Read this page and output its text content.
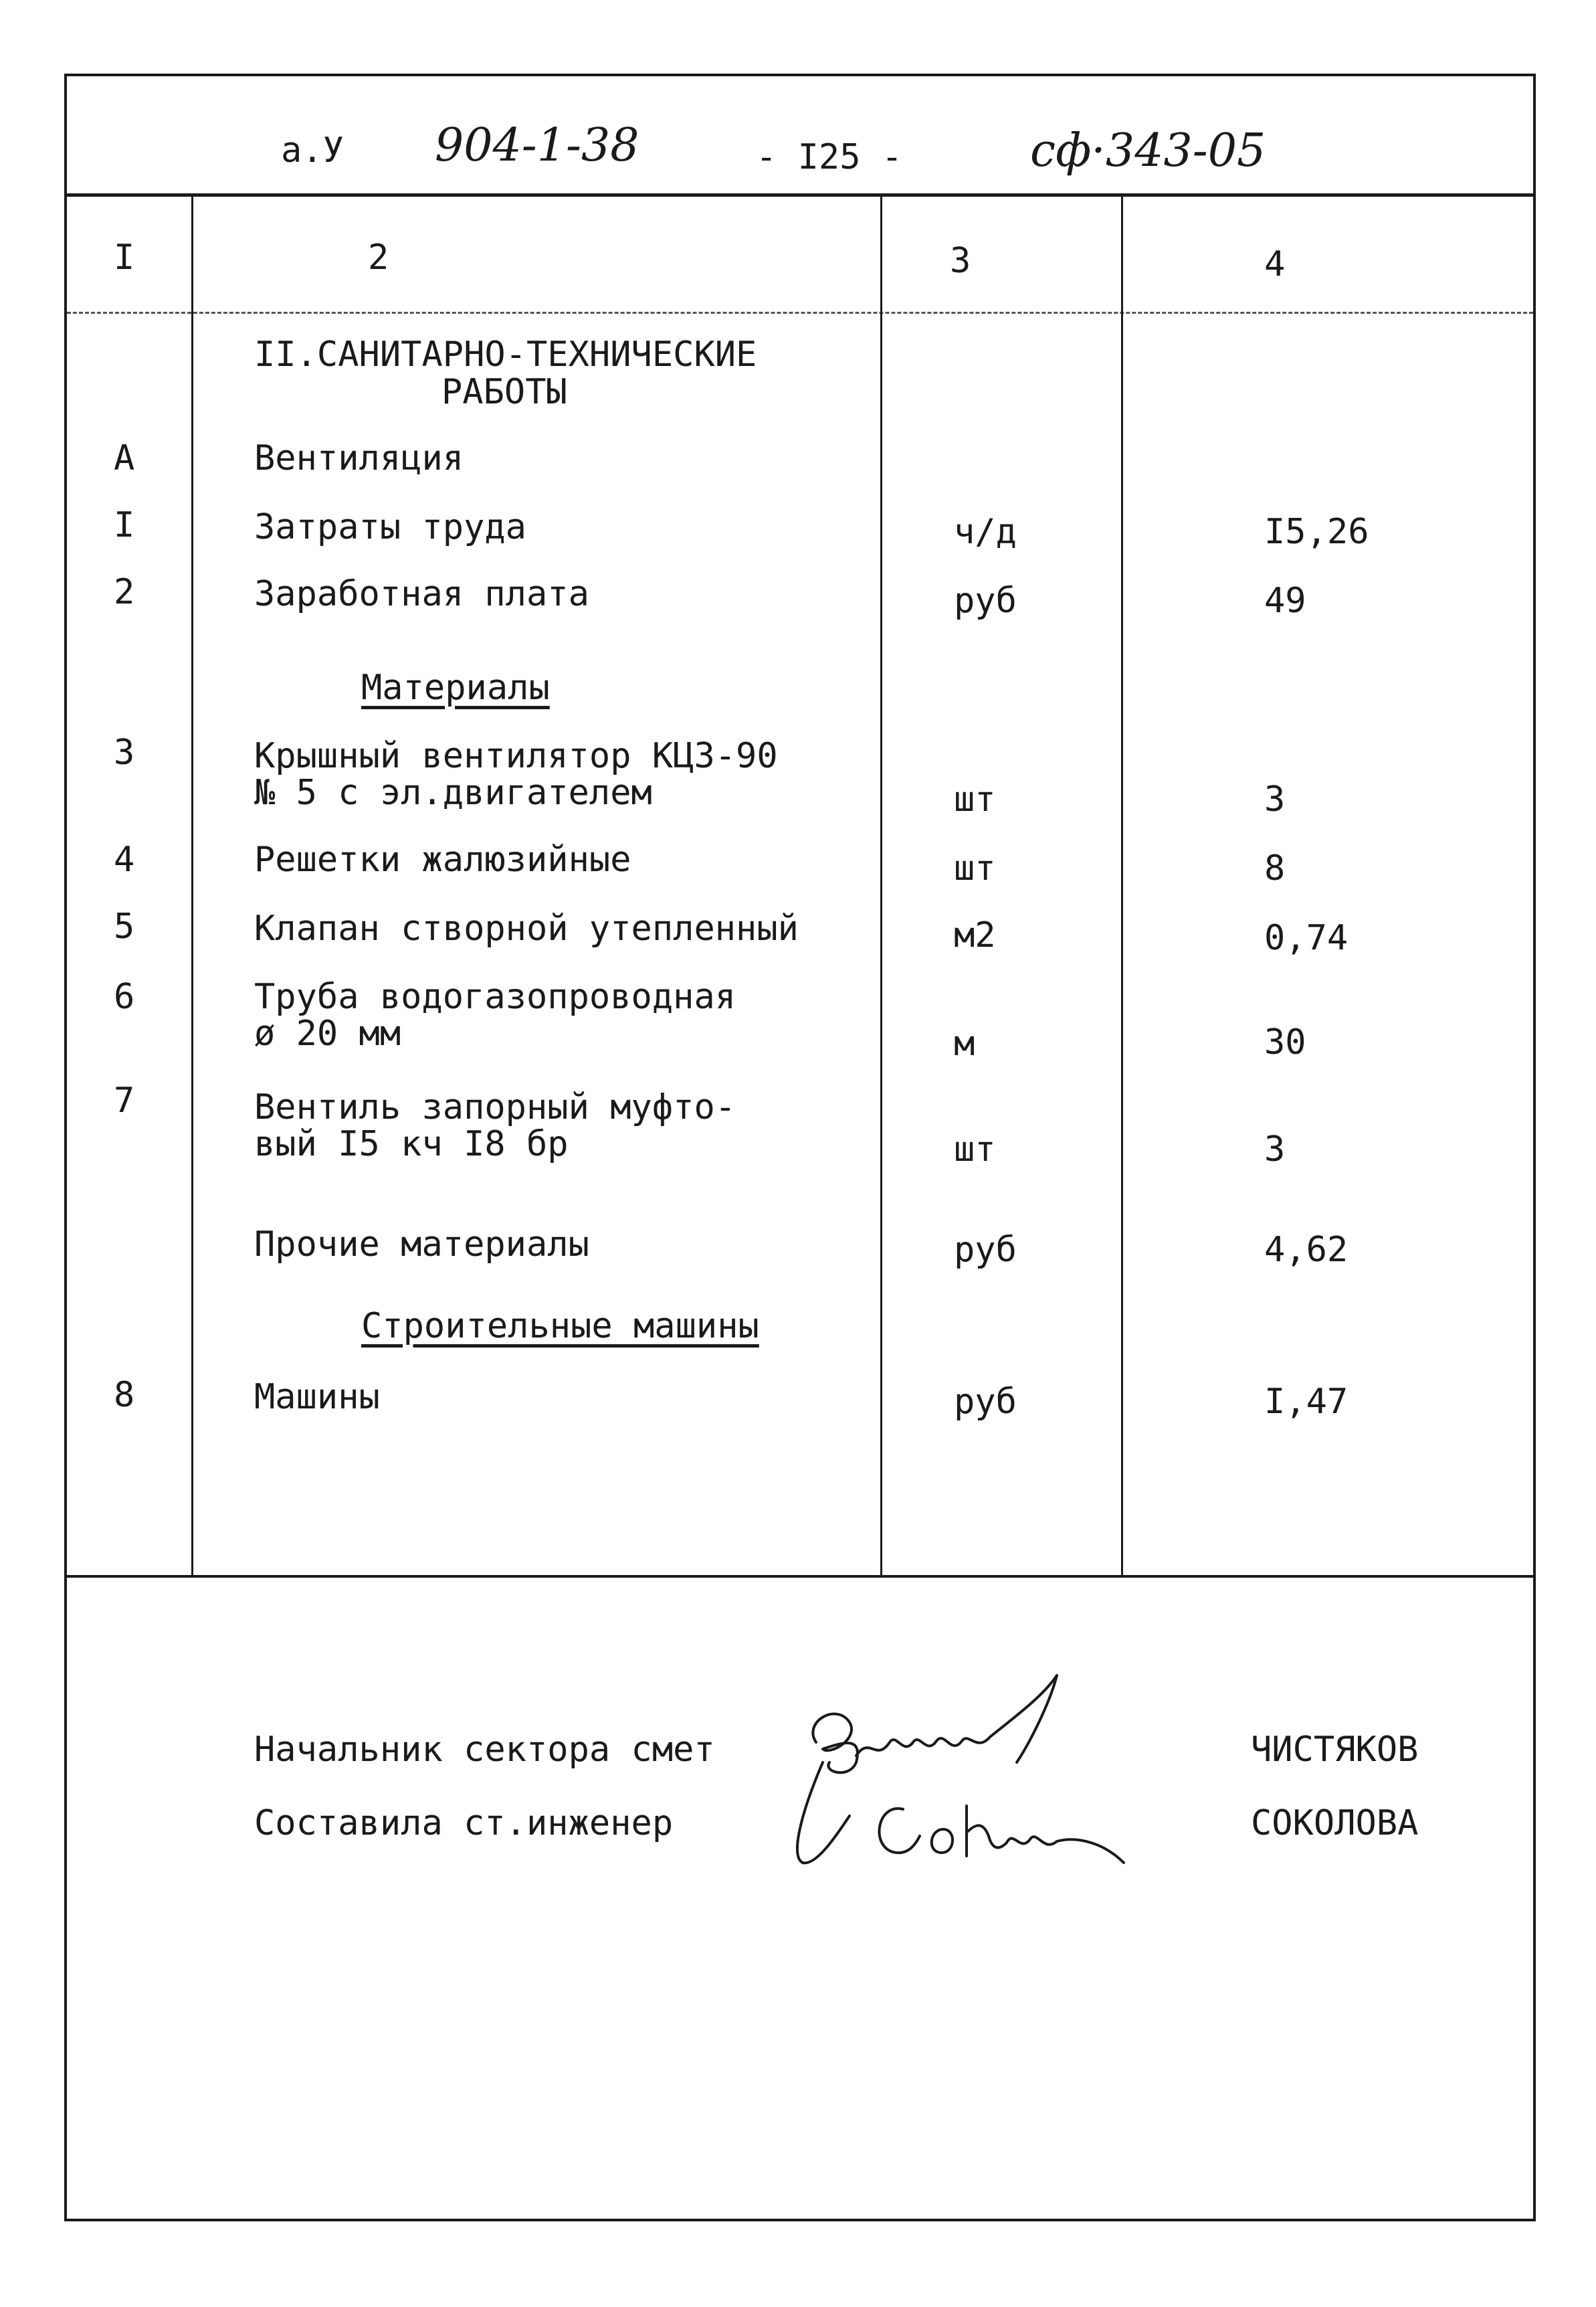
а.У 904-1-38	- I25 -	сф·343-05
I	2	3	4
II.САНИТАРНО-ТЕХНИЧЕСКИЕ
РАБОТЫ
А	Вентиляция
I	Затраты труда	ч/д	I5,26
2	Заработная плата	руб	49
Материалы
3	Крышный вентилятор КЦЗ-90
№ 5 с эл.двигателем	шт	3
4	Решетки жалюзийные	шт	8
5	Клапан створной утепленный	м2	0,74
6	Труба водогазопроводная
ø 20 мм	м	30
7	Вентиль запорный муфто-
вый I5 кч I8 бр	шт	3
Прочие материалы	руб	4,62
Строительные машины
8	Машины	руб	I,47
Начальник сектора смет	ЧИСТЯКОВ
Составила ст.инженер	СОКОЛОВА
